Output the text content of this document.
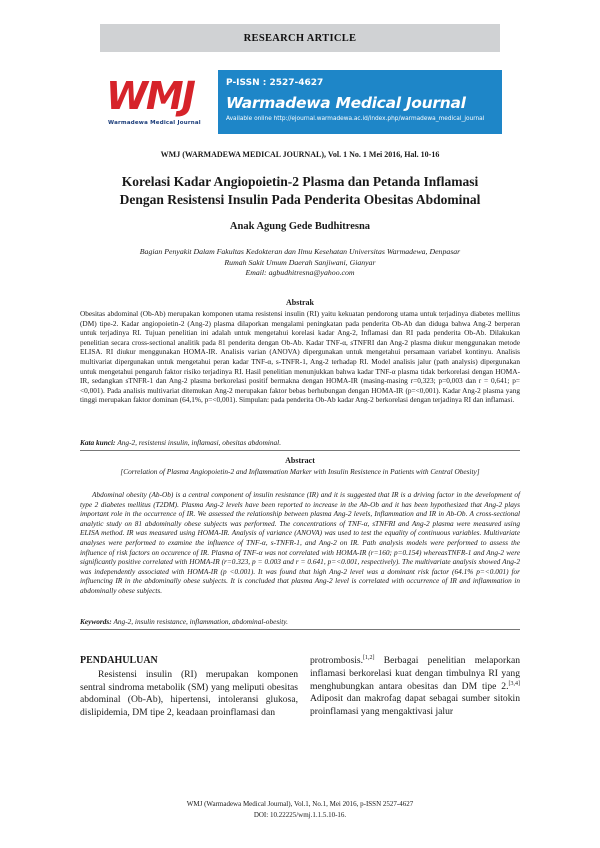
RESEARCH ARTICLE
WMJ
Warmadewa Medical Journal
P-ISSN : 2527-4627
Warmadewa Medical Journal
Available online http://ejournal.warmadewa.ac.id/index.php/warmadewa_medical_journal
WMJ (WARMADEWA MEDICAL JOURNAL), Vol. 1 No. 1 Mei 2016, Hal. 10-16
Korelasi Kadar Angiopoietin-2 Plasma dan Petanda Inflamasi
Dengan Resistensi Insulin Pada Penderita Obesitas Abdominal
Anak Agung Gede Budhitresna
Bagian Penyakit Dalam Fakultas Kedokteran dan Ilmu Kesehatan Universitas Warmadewa, Denpasar
Rumah Sakit Umum Daerah Sanjiwani, Gianyar
Email: agbudhitresna@yahoo.com
Abstrak
Obesitas abdominal (Ob-Ab) merupakan komponen utama resistensi insulin (RI) yaitu kekuatan pendorong utama untuk terjadinya diabetes mellitus (DM) tipe-2. Kadar angiopoietin-2 (Ang-2) plasma dilaporkan mengalami peningkatan pada penderita Ob-Ab dan diduga bahwa Ang-2 berperan untuk terjadinya RI. Tujuan penelitian ini adalah untuk mengetahui korelasi kadar Ang-2, Inflamasi dan RI pada penderita Ob-Ab. Dilakukan penelitian secara cross-sectional analitik pada 81 penderita dengan Ob-Ab. Kadar TNF-α, sTNFRI dan Ang-2 plasma diukur menggunakan metode ELISA. RI diukur menggunakan HOMA-IR. Analisis varian (ANOVA) dipergunakan untuk mengetahui persamaan variabel kontinyu. Analisis multivariat dipergunakan untuk mengetahui peran kadar TNF-α, s-TNFR-1, Ang-2 terhadap RI. Model analisis jalur (path analysis) dipergunakan untuk mengetahui pengaruh faktor risiko terjadinya RI. Hasil penelitian menunjukkan bahwa kadar TNF-α plasma tidak berkorelasi dengan HOMA-IR, sedangkan sTNFR-1 dan Ang-2 plasma berkorelasi positif bermakna dengan HOMA-IR (masing-masing r=0,323; p=0,003 dan r = 0,641; p=<0,001). Pada analisis multivariat ditemukan Ang-2 merupakan faktor bebas berhubungan dengan HOMA-IR (p=<0,001). Kadar Ang-2 plasma yang tinggi merupakan faktor dominan (64,1%, p=<0,001). Simpulan: pada penderita Ob-Ab kadar Ang-2 berkorelasi dengan terjadinya RI dan inflamasi.
Kata kunci: Ang-2, resistensi insulin, inflamasi, obesitas abdominal.
Abstract
[Correlation of Plasma Angiopoietin-2 and Inflammation Marker with Insulin Resistence in Patients with Central Obesity]
Abdominal obesity (Ab-Ob) is a central component of insulin resistance (IR) and it is suggested that IR is a driving factor in the development of type 2 diabetes mellitus (T2DM). Plasma Ang-2 levels have been reported to increase in the Ab-Ob and it has been hypothesized that Ang-2 plays important role in the occurrence of IR. We assessed the relationship between plasma Ang-2 levels, Inflammation and IR in Ab-Ob. A cross-sectional analytic study on 81 abdominally obese subjects was performed. The concentrations of TNF-α, sTNFRI and Ang-2 plasma were measured using ELISA method. IR was measured using HOMA-IR. Analysis of variance (ANOVA) was used to test the equality of continuous variables. Multivariate analyses were performed to examine the influence of TNF-α, s-TNFR-1, and Ang-2 on IR. Path analysis models were performed to assess the influence of risk factors on occurence of IR. Plasma of TNF-α was not correlated with HOMA-IR (r=160; p=0.154) whereasTNFR-1 and Ang-2 were significantly positive correlated with HOMA-IR (r=0.323, p = 0.003 and r = 0.641, p=<0.001, respectively). The multivariate analysis showed Ang-2 was independently associated with HOMA-IR (p <0.001). It was found that high Ang-2 level was a dominant risk factor (64.1% p=<0.001) for influencing IR in the abdominally obese subjects. It is concluded that plasma Ang-2 level is correlated with occurrence of IR and inflammation in abdominally obese subjects.
Keywords: Ang-2, insulin resistance, inflammation, abdominal-obesity.
PENDAHULUAN
Resistensi insulin (RI) merupakan komponen sentral sindroma metabolik (SM) yang meliputi obesitas abdominal (Ob-Ab), hipertensi, intoleransi glukosa, dislipidemia, DM tipe 2, keadaan proinflamasi dan
protrombosis.[1,2] Berbagai penelitian melaporkan inflamasi berkorelasi kuat dengan timbulnya RI yang menghubungkan antara obesitas dan DM tipe 2.[3,4] Adiposit dan makrofag dapat sebagai sumber sitokin proinflamasi yang mengaktivasi jalur
WMJ (Warmadewa Medical Journal), Vol.1, No.1, Mei 2016, p-ISSN 2527-4627
DOI: 10.22225/wmj.1.1.5.10-16.
